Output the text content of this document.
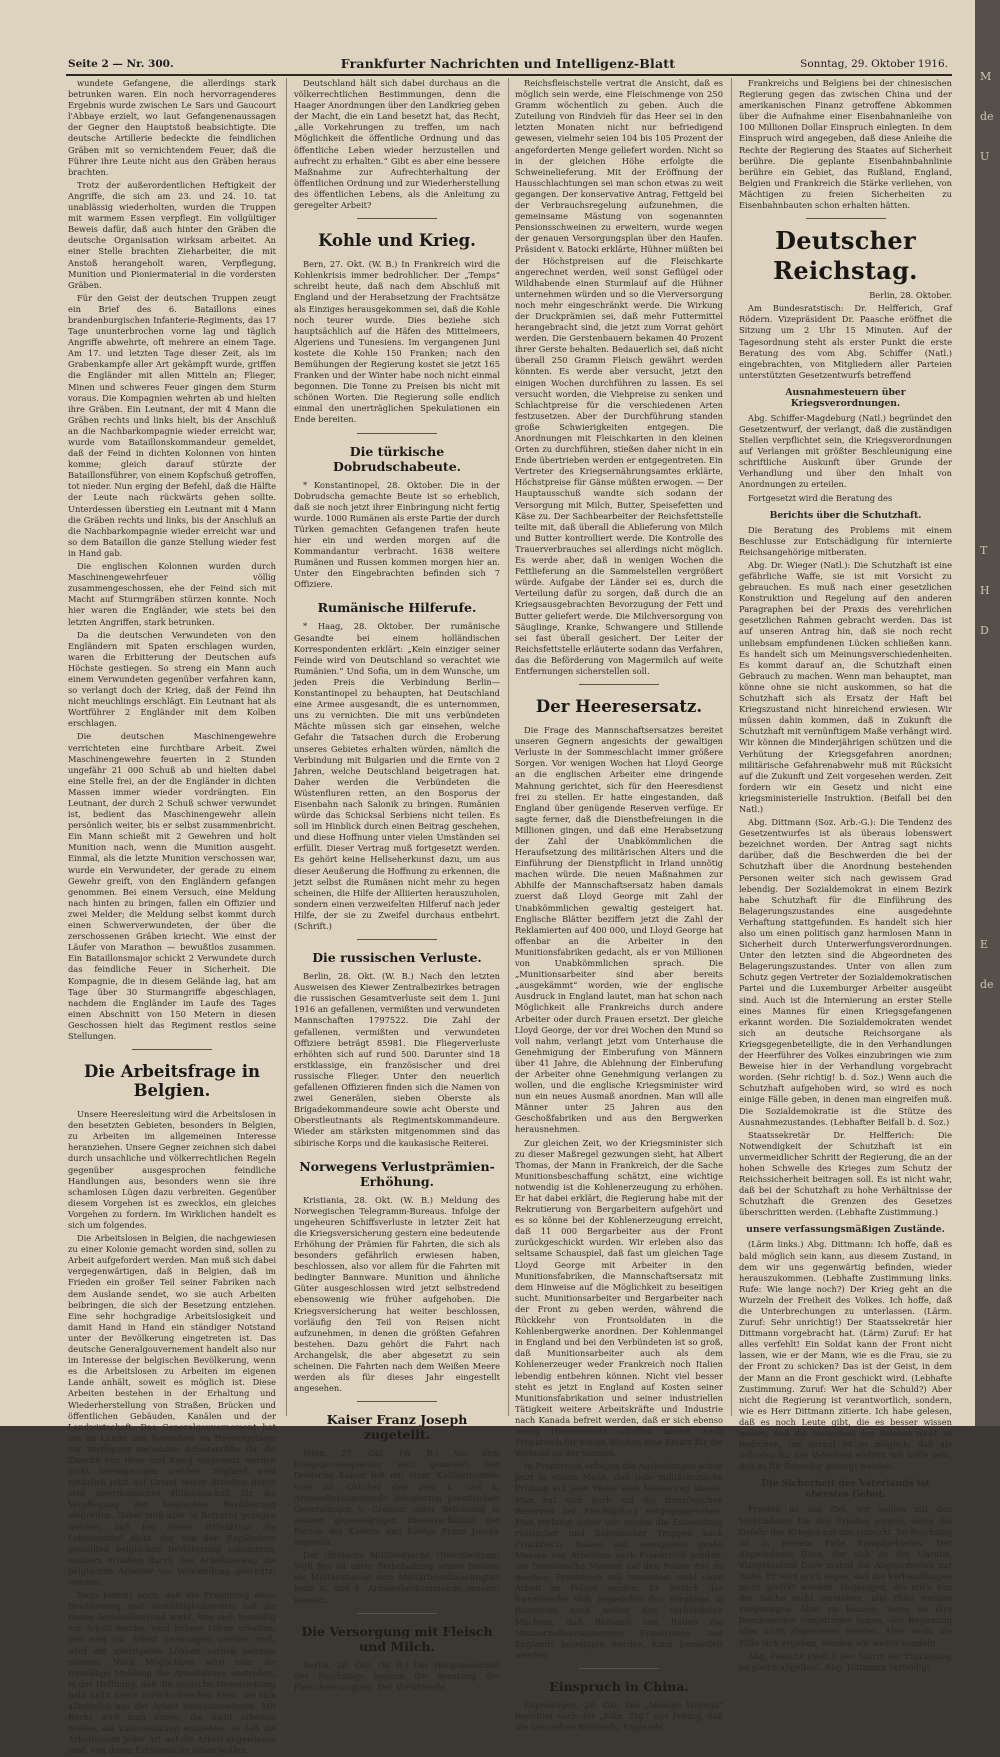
Seite 2 — Nr. 300.	Frankfurter Nachrichten und Intelligenz-Blatt	Sonntag, 29. Oktober 1916.

wundete Gefangene, die allerdings stark betrunken waren. Ein noch hervorragenderes Ergebnis wurde zwischen Le Sars und Gaucourt l'Abbaye erzielt, wo laut Gefangenenaussagen der Gegner den Hauptstoß beabsichtigte. Die deutsche Artillerie bedeckte die feindlichen Gräben mit so vernichtendem Feuer, daß die Führer ihre Leute nicht aus den Gräben heraus brachten.

Trotz der außerordentlichen Heftigkeit der Angriffe, die sich am 23. und 24. 10. tat unablässig wiederholten, wurden die Truppen mit warmem Essen verpflegt. Ein vollgültiger Beweis dafür, daß auch hinter den Gräben die deutsche Organisation wirksam arbeitet. An einer Stelle brachten Zieharbeiter, die mit Anstoß herangeholt waren, Verpflegung, Munition und Pioniermaterial in die vordersten Gräben.

Für den Geist der deutschen Truppen zeugt ein Brief des 6. Bataillons eines brandenburgischen Infanterie-Regiments, das 17 Tage ununterbrochen vorne lag und täglich Angriffe abwehrte, oft mehrere an einem Tage. Am 17. und letzten Tage dieser Zeit, als im Grabenkampfe aller Art gekämpft wurde, griffen die Engländer mit allen Mitteln an; Flieger, Minen und schweres Feuer gingen dem Sturm voraus. Die Kompagnien wehrten ab und hielten ihre Gräben. Ein Leutnant, der mit 4 Mann die Gräben rechts und links hielt, bis der Anschluß an die Nachbarkompagnie wieder erreicht war, wurde vom Bataillonskommandeur gemeldet, daß der Feind in dichten Kolonnen von hinten komme; gleich darauf stürzte der Bataillonsführer, von einem Kopfschuß getroffen, tot nieder. Nun erging der Befehl, daß die Hälfte der Leute nach rückwärts gehen sollte. Unterdessen überstieg ein Leutnant mit 4 Mann die Gräben rechts und links, bis der Anschluß an die Nachbarkompagnie wieder erreicht war und so dem Bataillon die ganze Stellung wieder fest in Hand gab.

Die englischen Kolonnen wurden durch Maschinengewehrfeuer völlig zusammengeschossen, ehe der Feind sich mit Macht auf Sturmgräben stürzen konnte. Noch hier waren die Engländer, wie stets bei den letzten Angriffen, stark betrunken.

Da die deutschen Verwundeten von den Engländern mit Spaten erschlagen wurden, waren die Erbitterung der Deutschen aufs Höchste gestiegen. So streng ein Mann auch einem Verwundeten gegenüber verfahren kann, so verlangt doch der Krieg, daß der Feind ihn nicht meuchlings erschlägt. Ein Leutnant hat als Wortführer 2 Engländer mit dem Kolben erschlagen.

Die deutschen Maschinengewehre verrichteten eine furchtbare Arbeit. Zwei Maschinengewehre feuerten in 2 Stunden ungefähr 21 000 Schuß ab und hielten dabei eine Stelle frei, an der die Engländer in dichten Massen immer wieder vordrängten. Ein Leutnant, der durch 2 Schuß schwer verwundet ist, bedient das Maschinengewehr allein persönlich weiter, bis er selbst zusammenbricht. Ein Mann schießt mit 2 Gewehren und holt Munition nach, wenn die Munition ausgeht. Einmal, als die letzte Munition verschossen war, wurde ein Verwundeter, der gerade zu einem Gewehr greift, von den Engländern gefangen genommen. Bei einem Versuch, eine Meldung nach hinten zu bringen, fallen ein Offizier und zwei Melder; die Meldung selbst kommt durch einen Schwerverwundeten, der über die zerschossenen Gräben kriecht. Wie einst der Läufer von Marathon — bewußtlos zusammen. Ein Bataillonsmajor schickt 2 Verwundete durch das feindliche Feuer in Sicherheit. Die Kompagnie, die in diesem Gelände lag, hat am Tage über 30 Sturmangriffe abgeschlagen, nachdem die Engländer im Laufe des Tages einen Abschnitt von 150 Metern in diesen Geschossen hielt das Regiment restlos seine Stellungen.

Die Arbeitsfrage in Belgien.

Unsere Heeresleitung wird die Arbeitslosen in den besetzten Gebieten, besonders in Belgien, zu Arbeiten im allgemeinen Interesse heranziehen. Unsere Gegner zeichnen sich dabei durch unsachliche und völkerrechtlichen Regeln gegenüber ausgesprochen feindliche Handlungen aus, besonders wenn sie ihre schamlosen Lügen dazu verbreiten. Gegenüber diesem Vorgehen ist es zwecklos, ein gleiches Vorgehen zu fordern. Im Wirklichen handelt es sich um folgendes.

Die Arbeitslosen in Belgien, die nachgewiesen zu einer Kolonie gemacht worden sind, sollen zu Arbeit aufgefordert werden. Man muß sich dabei vergegenwärtigen, daß in Belgien, daß im Frieden ein großer Teil seiner Fabriken nach dem Auslande sendet, wo sie auch Arbeiten beibringen, die sich der Besetzung entziehen. Eine sehr hochgradige Arbeitslosigkeit und damit Hand in Hand ein ständiger Notstand unter der Bevölkerung eingetreten ist. Das deutsche Generalgouvernement handelt also nur im Interesse der belgischen Bevölkerung, wenn es die Arbeitslosen zu Arbeiten im eigenen Lande anhält, soweit es möglich ist. Diese Arbeiten bestehen in der Erhaltung und Wiederherstellung von Straßen, Brücken und öffentlichen Gebäuden, Kanälen und der Landwirtschaft. Das Generalgouvernement hat die im Lande und besonders im Heeresgebiete zur Verfügung stehenden Arbeitskräfte für die Zwecke von Heer und Krieg eingesetzt werden nicht herangezogen werden. England wird natürlich jetzt auf Grund seiner Arbeiten durch sein amerikanisches Hilfsausschuß für die Verpflegung der belgischen Bevölkerung eingreifen. Dabei muß aber in Betracht gezogen werden, daß bei dieser Hilfsaktion die Lebensmittel nicht der von den Engländern gewollten belgischen Bevölkerung zukommen, sondern erhalten durch den Arbeitszwang die belgischen Arbeiter vor Verelendung geschützt werden.

Dazu kommt noch, daß die Ernährung einer Bevölkerung und Wohltätigkeitsmittel auf die Dauer demoralisierend wirkt. Wer sich freiwillig zur Arbeit meldet, wird höhere Löhne erhalten; wer erst zur Arbeit gezwungen werden muß, wird mit niedrigeren Löhnen vorlieb nehmen müssen. Nach Möglichkeit wird man die freiwillige Meldung der Arbeitslosen anstreben, in der Hoffnung, daß die deutsche Heeresleitung bald nicht davor zurückschrecken kann, die sich allmählich aus der Arbeit herauszunehmen. Mit Recht wird man denen, die nicht arbeiten wollen, die Unterstützung entziehen, so daß die Arbeitslosen jeder Art auf die Arbeit angewiesen sind, von deren Erträgnis sie leben wollen.

Deutschland hält sich dabei durchaus an die völkerrechtlichen Bestimmungen, denn die Haager Anordnungen über den Landkrieg geben der Macht, die ein Land besetzt hat, das Recht, „alle Vorkehrungen zu treffen, um nach Möglichkeit die öffentliche Ordnung und das öffentliche Leben wieder herzustellen und aufrecht zu erhalten.“ Gibt es aber eine bessere Maßnahme zur Aufrechterhaltung der öffentlichen Ordnung und zur Wiederherstellung des öffentlichen Lebens, als die Anleitung zu geregelter Arbeit?

Kohle und Krieg.

Bern, 27. Okt. (W. B.) In Frankreich wird die Kohlenkrisis immer bedrohlicher. Der „Temps“ schreibt heute, daß nach dem Abschluß mit England und der Herabsetzung der Frachtsätze als Einziges herausgekommen sei, daß die Kohle noch teurer wurde. Dies beziehe sich hauptsächlich auf die Häfen des Mittelmeers, Algeriens und Tunesiens. Im vergangenen Juni kostete die Kohle 150 Franken; nach den Bemühungen der Regierung kostet sie jetzt 165 Franken und der Winter habe noch nicht einmal begonnen. Die Tonne zu Preisen bis nicht mit schönen Worten. Die Regierung solle endlich einmal den unerträglichen Spekulationen ein Ende bereiten.

Die türkische Dobrudschabeute.

* Konstantinopel, 28. Oktober. Die in der Dobrudscha gemachte Beute ist so erheblich, daß sie noch jetzt ihrer Einbringung nicht fertig wurde. 1000 Rumänen als erste Partie der durch Türken gemachten Gefangenen trafen heute hier ein und werden morgen auf die Kommandantur verbracht. 1638 weitere Rumänen und Russen kommen morgen hier an. Unter den Eingebrachten befinden sich 7 Offiziere.

Rumänische Hilferufe.

* Haag, 28. Oktober. Der rumänische Gesandte bei einem holländischen Korrespondenten erklärt: „Kein einziger seiner Feinde wird von Deutschland so verachtet wie Rumänien.“ Und Sofia, um in dem Wunsche, um jeden Preis die Verbindung Berlin—Konstantinopel zu behaupten, hat Deutschland eine Armee ausgesandt, die es unternommen, uns zu vernichten. Die mit uns verbündeten Mächte müssen sich gar einsehen, welche Gefahr die Tatsachen durch die Eroberung unseres Gebietes erhalten würden, nämlich die Verbindung mit Bulgarien und die Ernte von 2 Jahren, welche Deutschland beigetragen hat. Daher werden die Verbündeten die Wüstenfluren retten, an den Bosporus der Eisenbahn nach Salonik zu bringen. Rumänien würde das Schicksal Serbiens nicht teilen. Es soll im Hinblick durch einen Beitrag geschehen, und diese Hoffnung unter vielen Umständen sei erfüllt. Dieser Vertrag muß fortgesetzt werden. Es gehört keine Hellseherkunst dazu, um aus dieser Aeußerung die Hoffnung zu erkennen, die jetzt selbst die Rumänen nicht mehr zu hegen scheinen, die Hilfe der Alliierten herauszuholen, sondern einen verzweifelten Hilferuf nach jeder Hilfe, der sie zu Zweifel durchaus entbehrt. (Schrift.)

Die russischen Verluste.

Berlin, 28. Okt. (W. B.) Nach den letzten Ausweisen des Kiewer Zentralbezirkes betragen die russischen Gesamtverluste seit dem 1. Juni 1916 an gefallenen, vermißten und verwundeten Mannschaften 1797522. Die Zahl der gefallenen, vermißten und verwundeten Offiziere beträgt 85981. Die Fliegerverluste erhöhten sich auf rund 500. Darunter sind 18 erstklassige, ein französischer und drei russische Flieger. Unter den neuerlich gefallenen Offizieren finden sich die Namen von zwei Generälen, sieben Oberste als Brigadekommandeure sowie acht Oberste und Oberstleutnants als Regimentskommandeure. Wieder am stärksten mitgenommen sind das sibirische Korps und die kaukasische Reiterei.

Norwegens Verlustprämien-Erhöhung.

Kristiania, 28. Okt. (W. B.) Meldung des Norwegischen Telegramm-Bureaus. Infolge der ungeheuren Schiffsverluste in letzter Zeit hat die Kriegsversicherung gestern eine bedeutende Erhöhung der Prämien für Fahrten, die sich als besonders gefährlich erwiesen haben, beschlossen, also vor allem für die Fahrten mit bedingter Bannware. Munition und ähnliche Güter ausgeschlossen wird jetzt selbstredend ebensowenig wie früher aufgehoben. Die Kriegsversicherung hat weiter beschlossen, vorläufig den Teil von Reisen nicht aufzunehmen, in denen die größten Gefahren bestehen. Dazu gehört die Fahrt nach Archangelsk, die aber abgesetzt zu sein scheinen. Die Fahrten nach dem Weißen Meere werden als für dieses Jahr eingestellt angesehen.

Kaiser Franz Joseph zugeteilt.

Wien, 27. Okt. (W. B.) Aus dem Kriegspressequartier wird gemeldet: Der Deutsche Kaiser hat mit einer Kabinettsorder vom 22. Oktober den zum k. und k. Armeeoberkommando delegierten preußischen Generalmajor v. Cramon unter Belassung in seinem gegenwärtigen Dienstverhältnis der Person des Kaisers und Königs Franz Joseph zugeteilt.

Der türkische Militärattaché Oberstleutnant Sejfi Bey ist unter Beibehaltung seines Postens als Militärattaché zum Militärbevollmächtigten beim k. und k. Armeeoberkommando ernannt worden.

Die Versorgung mit Fleisch und Milch.

Berlin, 28. Okt. (W. B.) Der Hauptausschuß des Reichstags begann die Beratung der Fleischversorgung. Der Vorsitzende

Reichsfleischstelle vertrat die Ansicht, daß es möglich sein werde, eine Fleischmenge von 250 Gramm wöchentlich zu geben. Auch die Zuteilung von Rindvieh für das Heer sei in den letzten Monaten nicht nur befriedigend gewesen, vielmehr seien 104 bis 105 Prozent der angeforderten Menge geliefert worden. Nicht so in der gleichen Höhe erfolgte die Schweinelieferung. Mit der Eröffnung der Hausschlachtungen sei man schon etwas zu weit gegangen. Der konservative Antrag, Fettgeld bei der Verbrauchsregelung aufzunehmen, die gemeinsame Mästung von sogenannten Pensionsschweinen zu erweitern, wurde wegen der genauen Versorgungsplan über den Haufen. Präsident v. Batocki erklärte, Hühner müßten bei der Höchstpreisen auf die Fleischkarte angerechnet werden, weil sonst Geflügel oder Wildhabende einen Sturmlauf auf die Hühner unternehmen würden und so die Vierversorgung noch mehr eingeschränkt werde. Die Wirkung der Druckprämien sei, daß mehr Futtermittel herangebracht sind, die jetzt zum Vorrat gehört werden. Die Gerstenbauern bekamen 40 Prozent ihrer Gerste behalten. Bedauerlich sei, daß nicht überall 250 Gramm Fleisch gewährt werden könnten. Es werde aber versucht, jetzt den einigen Wochen durchführen zu lassen. Es sei versucht worden, die Viehpreise zu senken und Schlachtpreise für die verschiedenen Arten festzusetzen. Aber der Durchführung standen große Schwierigkeiten entgegen. Die Anordnungen mit Fleischkarten in den kleinen Orten zu durchführen, stießen daher nicht in ein Ende übertrieben werden er entgegentreten. Ein Vertreter des Kriegsernährungsamtes erklärte, Höchstpreise für Gänse müßten erwogen. — Der Hauptausschuß wandte sich sodann der Versorgung mit Milch, Butter, Speisefetten und Käse zu. Der Sachbearbeiter der Reichsfettstelle teilte mit, daß überall die Ablieferung von Milch und Butter kontrolliert werde. Die Kontrolle des Trauerverbrauches sei allerdings nicht möglich. Es werde aber, daß in wenigen Wochen die Fettlieferung an die Sammelstellen vergrößert würde. Aufgabe der Länder sei es, durch die Verteilung dafür zu sorgen, daß durch die an Kriegsausgebrachten Bevorzugung der Fett und Butter geliefert werde. Die Milchversorgung von Säuglinge, Kranke, Schwangere und Stillende sei fast überall gesichert. Der Leiter der Reichsfettstelle erläuterte sodann das Verfahren, das die Beförderung von Magermilch auf weite Entfernungen sicherstellen soll.

Der Heeresersatz.

Die Frage des Mannschaftsersatzes bereitet unseren Gegnern angesichts der gewaltigen Verluste in der Sommeschlacht immer größere Sorgen. Vor wenigen Wochen hat Lloyd George an die englischen Arbeiter eine dringende Mahnung gerichtet, sich für den Heeresdienst frei zu stellen. Er hatte eingestanden, daß England über genügende Reserven verfüge. Er sagte ferner, daß die Dienstbefreiungen in die Millionen gingen, und daß eine Herabsetzung der Zahl der Unabkömmlichen die Heraufsetzung des militärischen Alters und die Einführung der Dienstpflicht in Irland unnötig machen würde. Die neuen Maßnahmen zur Abhilfe der Mannschaftsersatz haben damals zuerst daß Lloyd George mit Zahl der Unabkömmlichen gewaltig gesteigert hat. Englische Blätter beziffern jetzt die Zahl der Reklamierten auf 400 000, und Lloyd George hat offenbar an die Arbeiter in den Munitionsfabriken gedacht, als er von Millionen von Unabkömmlichen sprach. Die „Munitionsarbeiter sind aber bereits „ausgekämmt“ worden, wie der englische Ausdruck in England lautet, man hat schon nach Möglichkeit alle Frankreichs durch andere Arbeiter oder durch Frauen ersetzt. Der gleiche Lloyd George, der vor drei Wochen den Mund so voll nahm, verlangt jetzt vom Unterhause die Genehmigung der Einberufung von Männern über 41 Jahre, die Ablehnung der Einberufung der Arbeiter ohne Genehmigung verlangen zu wollen, und die englische Kriegsminister wird nun ein neues Ausmaß anordnen. Man will alle Männer unter 25 Jahren aus den Geschoßfabriken und aus den Bergwerken herausnehmen.

Zur gleichen Zeit, wo der Kriegsminister sich zu dieser Maßregel gezwungen sieht, hat Albert Thomas, der Mann in Frankreich, der die Sache Munitionsbeschaffung schätzt, eine wichtige notwendig ist die Kohlenerzeugung zu erhöhen. Er hat dabei erklärt, die Regierung habe mit der Rekrutierung von Bergarbeitern aufgehört und es so könne bei der Kohlenerzeugung erreicht, daß 11 000 Bergarbeiter aus der Front zurückgeschickt wurden. Wir erleben also das seltsame Schauspiel, daß fast um gleichen Tage Lloyd George mit Arbeiter in den Munitionsfabriken, die Mannschaftsersatz mit dem Hinweise auf die Möglichkeit zu beseitigen sucht. Munitionsarbeiter und Bergarbeiter nach der Front zu geben werden, während die Rückkehr von Frontsoldaten in die Kohlenbergwerke anordnen. Der Kohlenmangel in England und bei den Verbündeten ist so groß, daß Munitionsarbeiter auch als dem Kohlenerzeuger weder Frankreich noch Italien lebendig entbehren können. Nicht viel besser steht es jetzt in England auf Kosten seiner Munitionsfabrikation und seiner industriellen Tätigkeit weitere Arbeitskräfte und Industrie nach Kanada befreit werden, daß er sich ebenso wenig Heeresersatz schaffen könne, nach Frankreich für einige Wochen eine Ersatz für die Verluste an der Somme.

In Frankreich erfolgen die Aushebungen schon jetzt in einem Maße, daß jede militärärztliche Prüfung auf jede Weise eine Musterung ähnelt. Man hat sich auch auf die französischen Reserven der Erschöpfung entgegengesehen. Man verlangt daher von neuem die Entsendung russischer und italienischer Truppen nach Frankreich. Italien soll wenigstens große Massen von Arbeitern nach Frankreich senden, um französische Männer auf den Felder frei zu machen. Frankreich will zumindest nicht ohne Arbeit an Felder senden. Es freilich das französische Volk angesichts der Vorgänge in Rumänien noch weiter den verbündeten Mächten, daß Rußland und Italien die Mannschaftsersatzsorgen Frankreichs und Englands beseitigen werden, kann bezweifelt werden.

Einspruch in China.

Kopenhagen, 28. Okt. Die „Nowoje Wremja“ berichtet nach der „Köln. Ztg.“ aus Peking, daß die Gesandten Rußlands, Englands,

Frankreichs und Belgiens bei der chinesischen Regierung gegen das zwischen China und der amerikanischen Finanz getroffene Abkommen über die Aufnahme einer Eisenbahnanleihe von 100 Millionen Dollar Einspruch einlegten. In dem Einspruch wird angegeben, daß diese Anleihe die Rechte der Regierung des Staates auf Sicherheit berühre. Die geplante Eisenbahnbahnlinie berühre ein Gebiet, das Rußland, England, Belgien und Frankreich die Stärke verliehen, von Mächtigen zu freien Sicherheiten zu Eisenbahnbauten schon erhalten hätten.

Deutscher Reichstag.

Berlin, 28. Oktober.

Am Bundesratstisch: Dr. Helfferich, Graf Rödern. Vizepräsident Dr. Paasche eröffnet die Sitzung um 2 Uhr 15 Minuten. Auf der Tagesordnung steht als erster Punkt die erste Beratung des vom Abg. Schiffer (Natl.) eingebrachten, von Mitgliedern aller Parteien unterstützten Gesetzentwurfs betreffend

Ausnahmesteuern über Kriegsverordnungen.

Abg. Schiffer-Magdeburg (Natl.) begründet den Gesetzentwurf, der verlangt, daß die zuständigen Stellen verpflichtet sein, die Kriegsverordnungen auf Verlangen mit größter Beschleunigung eine schriftliche Auskunft über Grunde der Verhandlung und über den Inhalt von Anordnungen zu erteilen.

Fortgesetzt wird die Beratung des

Berichts über die Schutzhaft.

Die Beratung des Problems mit einem Beschlusse zur Entschädigung für internierte Reichsangehörige mitberaten.

Abg. Dr. Wieger (Natl.): Die Schutzhaft ist eine gefährliche Waffe, sie ist mit Vorsicht zu gebrauchen. Es muß nach einer gesetzlichen Konstruktion und Regelung auf den anderen Paragraphen bei der Praxis des verehrlichen gesetzlichen Rahmen gebracht werden. Das ist auf unseren Antrag hin, daß sie noch recht unliebsam empfundenen Lücken schließen kann. Es handelt sich um Meinungsverschiedenheiten. Es kommt darauf an, die Schutzhaft einen Gebrauch zu machen. Wenn man behauptet, man könne ohne sie nicht auskommen, so hat die Schutzhaft sich als Ersatz der Haft bei Kriegszustand nicht hinreichend erwiesen. Wir müssen dahin kommen, daß in Zukunft die Schutzhaft mit vernünftigem Maße verhängt wird. Wir können die Minderjährigen schützen und die Verhütung der Kriegsgefahren anordnen; militärische Gefahrenabwehr muß mit Rücksicht auf die Zukunft und Zeit vorgesehen werden. Zeit fordern wir ein Gesetz und nicht eine kriegsministerielle Instruktion. (Beifall bei den Natl.)

Abg. Dittmann (Soz. Arb.-G.): Die Tendenz des Gesetzentwurfes ist als überaus lobenswert bezeichnet worden. Der Antrag sagt nichts darüber, daß die Beschwerden die bei der Schutzhaft über die Anordnung bestehenden Personen weiter sich nach gewissem Grad lebendig. Der Sozialdemokrat in einem Bezirk habe Schutzhaft für die Einführung des Belagerungszustandes eine ausgedehnte Verhaftung stattgefunden. Es handelt sich hier also um einen politisch ganz harmlosen Mann in Sicherheit durch Unterwerfungsverordnungen. Unter den letzten sind die Abgeordneten des Belagerungszustandes. Unter von allen zum Schutz gegen Vertreter der Sozialdemokratischen Partei und die Luxemburger Arbeiter ausgeübt sind. Auch ist die Internierung an erster Stelle eines Mannes für einen Kriegsgefangenen erkannt worden. Die Sozialdemokraten wendet sich an deutsche Reichsorgane als Kriegsgegenbeteiligte, die in den Verhandlungen der Heerführer des Volkes einzubringen wie zum Beweise hier in der Verhandlung vorgebracht worden. (Sehr richtig! b. d. Soz.) Wenn auch die Schutzhaft aufgehoben wird, so wird es noch einige Fälle geben, in denen man eingreifen muß. Die Sozialdemokratie ist die Stütze des Ausnahmezustandes. (Lebhafter Beifall b. d. Soz.)

Staatssekretär Dr. Helfferich: Die Notwendigkeit der Schutzhaft ist ein unvermeidlicher Schritt der Regierung, die an der hohen Schwelle des Krieges zum Schutz der Reichssicherheit beitragen soll. Es ist nicht wahr, daß bei der Schutzhaft zu hohe Verhältnisse der Schutzhaft die Grenzen des Gesetzes überschritten werden. (Lebhafte Zustimmung.)

unsere verfassungsmäßigen Zustände.

(Lärm links.) Abg. Dittmann: Ich hoffe, daß es bald möglich sein kann, aus diesem Zustand, in dem wir uns gegenwärtig befinden, wieder herauszukommen. (Lebhafte Zustimmung links. Rufe: Wie lange noch?) Der Krieg geht an die Wurzeln der Freiheit des Volkes. Ich hoffe, daß die Unterbrechungen zu unterlassen. (Lärm. Zuruf: Sehr unrichtig!) Der Staatssekretär hier Dittmann vorgebracht hat. (Lärm) Zuruf: Er hat alles verfehlt! Ein Soldat kann der Front nicht lassen, wie er der Mann, wie es die Frau, sie zu der Front zu schicken? Das ist der Geist, in dem der Mann an die Front geschickt wird. (Lebhafte Zustimmung. Zuruf: Wer hat die Schuld?) Aber nicht die Regierung ist verantwortlich, sondern, wie es Herr Dittmann zitierte. Ich habe gelesen, daß es noch Leute gibt, die es besser wissen wollen, daß die Sicherheit des Reiches nicht zu bedrohen, um darauf ist es möglich, daß als Schaden für das Vaterland eintritt. Ich hoffe sehr, daß es für Remedur gesorgt werden.

Die Sicherheit des Vaterlands ist oberstes Gebot.

Frieden ist das Ziel, wir wollen mit den Verbündeten für den Frieden sorgen, wenn die Gefahr des Krieges auf uns einwirkt. Im Reichstag ist in keinem Falle Kampfgebieten. Der Abgeordnete Dove, der sich an der Unruhe. Vizepräsident Dove mahnt die Abgeordneten zur Ruhe. Er wird noch sagen, daß die Verhandlungen nicht gestört werden. Diejenigen, die mich von der Sache nicht verstehen, alle Fälle werden vorgetragen. Aber sie können, wenn sie ihre Beschwerden vorgetragen haben, der Regierung aber nicht abgewiesen werden. Aber wenn die Fälle sich ergeben, werden wir weiter handeln.

Abg. Paasche (Natl.): Der Sturm der Entrüstung ist gleich abgeflaut. Abg. Dittmann verteidigt

M
de
U
T
H
D
E
de
